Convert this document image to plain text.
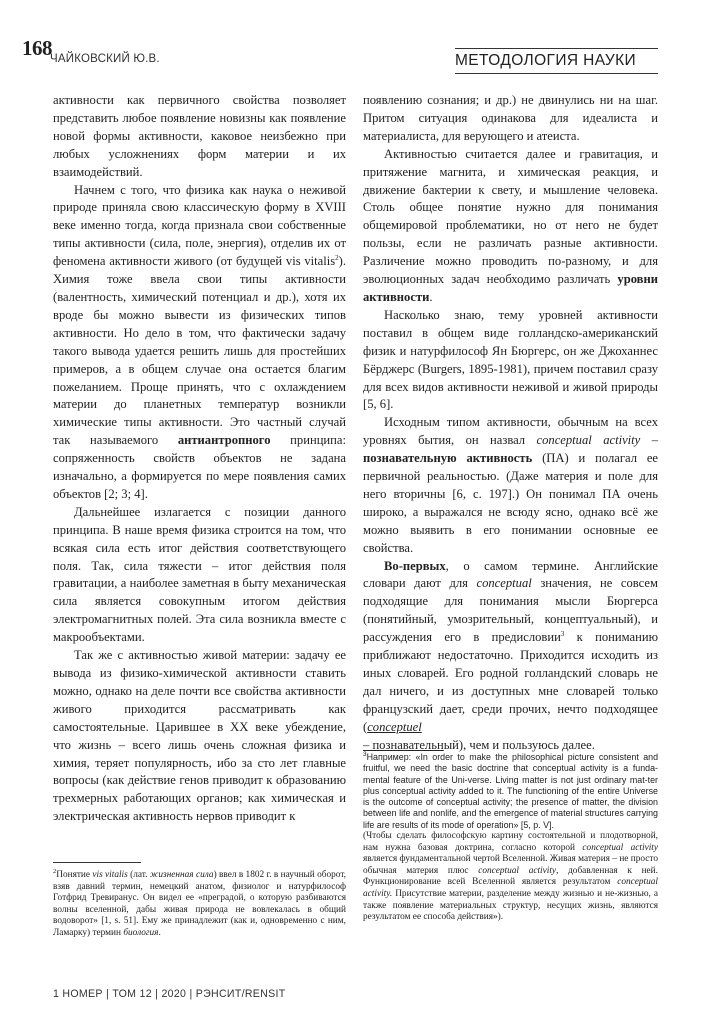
168
ЧАЙКОВСКИЙ Ю.В.	МЕТОДОЛОГИЯ НАУКИ

активности как первичного свойства позволяет представить любое появление новизны как появление новой формы активности, каковое неизбежно при любых усложнениях форм материи и их взаимодействий.

Начнем с того, что физика как наука о неживой природе приняла свою классическую форму в XVIII веке именно тогда, когда признала свои собственные типы активности (сила, поле, энергия), отделив их от феномена активности живого (от будущей vis vitalis$^2$). Химия тоже ввела свои типы активности (валентность, химический потенциал и др.), хотя их вроде бы можно вывести из физических типов активности. Но дело в том, что фактически задачу такого вывода удается решить лишь для простейших примеров, а в общем случае она остается благим пожеланием. Проще принять, что с охлаждением материи до планетных температур возникли химические типы активности. Это частный случай так называемого антиантропного принципа: сопряженность свойств объектов не задана изначально, а формируется по мере появления самих объектов [2; 3; 4].

Дальнейшее излагается с позиции данного принципа. В наше время физика строится на том, что всякая сила есть итог действия соответствующего поля. Так, сила тяжести – итог действия поля гравитации, а наиболее заметная в быту механическая сила является совокупным итогом действия электромагнитных полей. Эта сила возникла вместе с макрообъектами.

Так же с активностью живой материи: задачу ее вывода из физико-химической активности ставить можно, однако на деле почти все свойства активности живого приходится рассматривать как самостоятельные. Царившее в XX веке убеждение, что жизнь – всего лишь очень сложная физика и химия, теряет популярность, ибо за сто лет главные вопросы (как действие генов приводит к образованию трехмерных работающих органов; как химическая и электрическая активность нервов приводит к

$^2$Понятие vis vitalis (лат. жизненная сила) ввел в 1802 г. в научный оборот, взяв давний термин, немецкий анатом, физиолог и натурфилософ Готфрид Тревиранус. Он видел ее «преградой, о которую разбиваются волны вселенной, дабы живая природа не вовлекалась в общий водоворот» [1, s. 51]. Ему же принадлежит (как и, одновременно с ним, Ламарку) термин биология.

появлению сознания; и др.) не двинулись ни на шаг. Притом ситуация одинакова для идеалиста и материалиста, для верующего и атеиста.

Активностью считается далее и гравитация, и притяжение магнита, и химическая реакция, и движение бактерии к свету, и мышление человека. Столь общее понятие нужно для понимания общемировой проблематики, но от него не будет пользы, если не различать разные активности. Различение можно проводить по-разному, и для эволюционных задач необходимо различать уровни активности.

Насколько знаю, тему уровней активности поставил в общем виде голландско-американский физик и натурфилософ Ян Бюргерс, он же Джоханнес Бёрджерс (Burgers, 1895-1981), причем поставил сразу для всех видов активности неживой и живой природы [5, 6].

Исходным типом активности, обычным на всех уровнях бытия, он назвал conceptual activity – познавательную активность (ПА) и полагал ее первичной реальностью. (Даже материя и поле для него вторичны [6, с. 197].) Он понимал ПА очень широко, а выражался не всюду ясно, однако всё же можно выявить в его понимании основные ее свойства.

Во-первых, о самом термине. Английские словари дают для conceptual значения, не совсем подходящие для понимания мысли Бюргерса (понятийный, умозрительный, концептуальный), и рассуждения его в предисловии$^3$ к пониманию приближают недостаточно. Приходится исходить из иных словарей. Его родной голландский словарь не дал ничего, и из доступных мне словарей только французский дает, среди прочих, нечто подходящее (conceptuel
– познавательный), чем и пользуюсь далее.

$^3$Например: «In order to make the philosophical picture consistent and fruitful, we need the basic doctrine that conceptual activity is a funda-mental feature of the Uni-verse. Living matter is not just ordinary mat-ter plus conceptual activity added to it. The functioning of the entire Universe is the outcome of conceptual activity; the presence of matter, the division between life and nonlife, and the emergence of material structures carrying life are results of its mode of operation» [5, p. V].

(Чтобы сделать философскую картину состоятельной и плодотворной, нам нужна базовая доктрина, согласно которой conceptual activity является фундаментальной чертой Вселенной. Живая материя – не просто обычная материя плюс conceptual activity, добавленная к ней. Функционирование всей Вселенной является результатом conceptual activity. Присутствие материи, разделение между жизнью и не-жизнью, а также появление материальных структур, несущих жизнь, являются результатом ее способа действия»).

1 НОМЕР | ТОМ 12 | 2020 | РЭНСИТ/RENSIT
